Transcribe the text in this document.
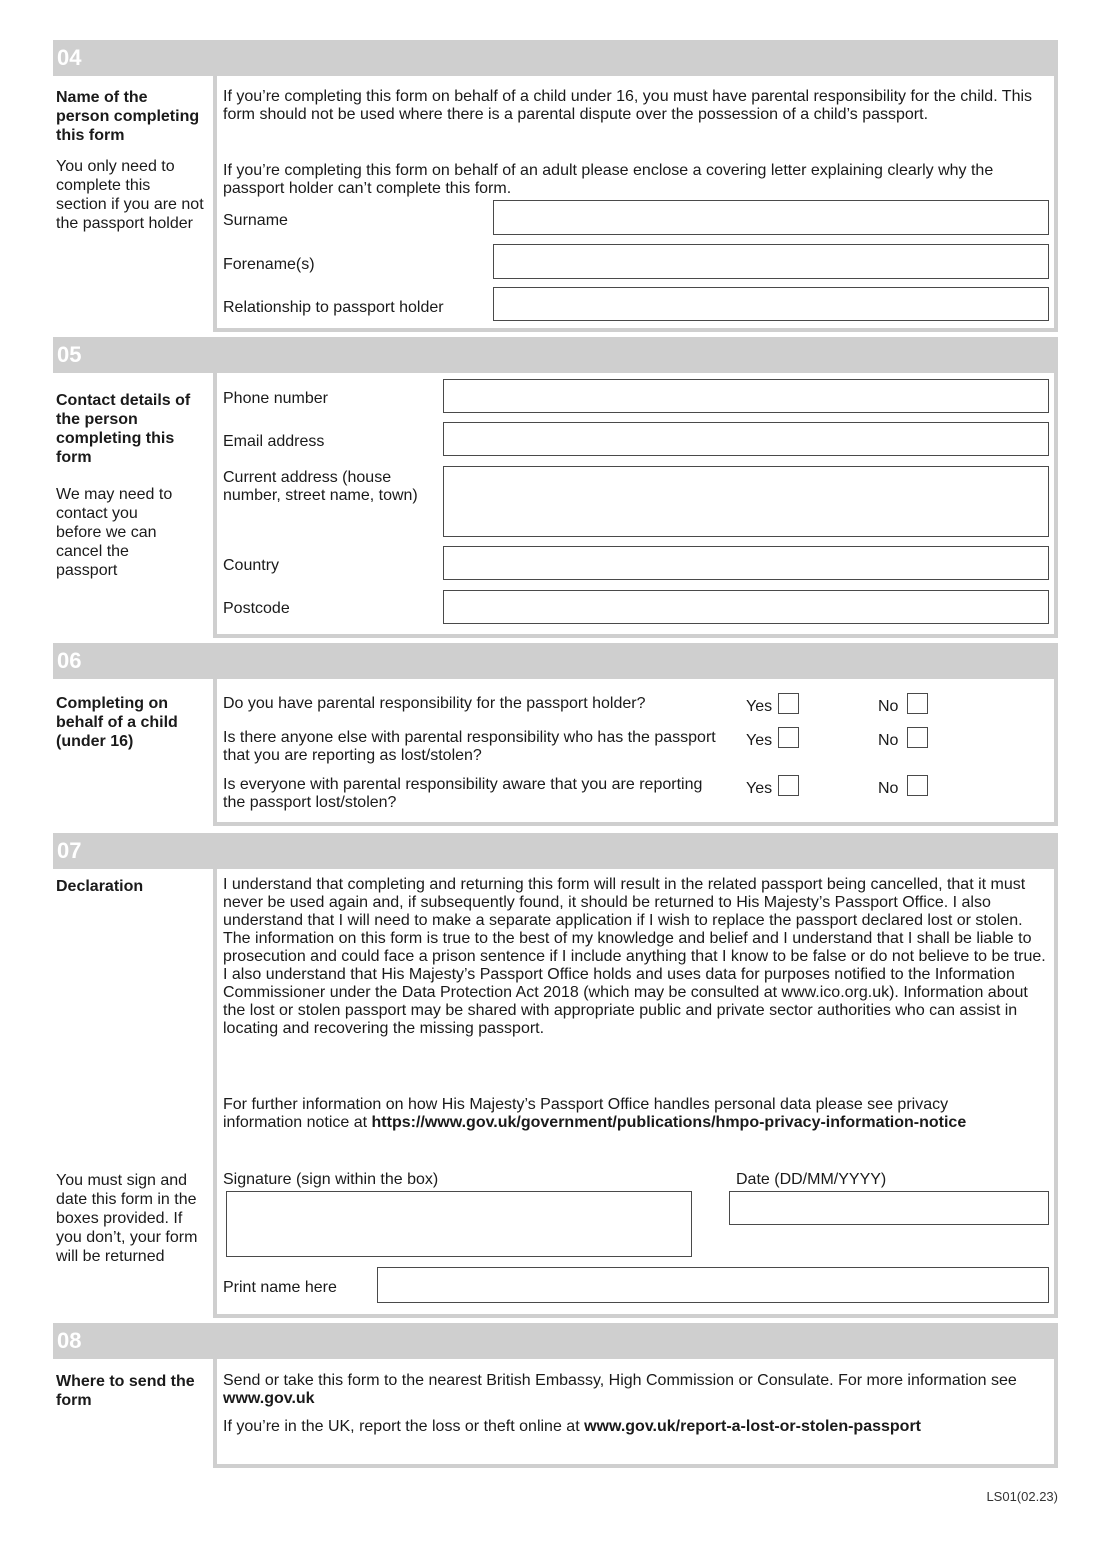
04
Name of the person completing this form
You only need to complete this section if you are not the passport holder
If you’re completing this form on behalf of a child under 16, you must have parental responsibility for the child. This form should not be used where there is a parental dispute over the possession of a child’s passport.
If you’re completing this form on behalf of an adult please enclose a covering letter explaining clearly why the passport holder can’t complete this form.
Surname
Forename(s)
Relationship to passport holder
05
Contact details of the person completing this form
We may need to contact you before we can cancel the passport
Phone number
Email address
Current address (house number, street name, town)
Country
Postcode
06
Completing on behalf of a child (under 16)
Do you have parental responsibility for the passport holder?	Yes	No
Is there anyone else with parental responsibility who has the passport that you are reporting as lost/stolen?
Yes	No
Is everyone with parental responsibility aware that you are reporting the passport lost/stolen?
Yes	No
07
Declaration
You must sign and date this form in the boxes provided. If you don’t, your form will be returned
I understand that completing and returning this form will result in the related passport being cancelled, that it must never be used again and, if subsequently found, it should be returned to His Majesty’s Passport Office. I also understand that I will need to make a separate application if I wish to replace the passport declared lost or stolen. The information on this form is true to the best of my knowledge and belief and I understand that I shall be liable to prosecution and could face a prison sentence if I include anything that I know to be false or do not believe to be true. I also understand that His Majesty’s Passport Office holds and uses data for purposes notified to the Information Commissioner under the Data Protection Act 2018 (which may be consulted at www.ico.org.uk). Information about the lost or stolen passport may be shared with appropriate public and private sector authorities who can assist in locating and recovering the missing passport.
For further information on how His Majesty’s Passport Office handles personal data please see privacy information notice at https://www.gov.uk/government/publications/hmpo-privacy-information-notice
Signature (sign within the box)	Date (DD/MM/YYYY)
Print name here
08
Where to send the form
Send or take this form to the nearest British Embassy, High Commission or Consulate. For more information see www.gov.uk
If you’re in the UK, report the loss or theft online at www.gov.uk/report-a-lost-or-stolen-passport
LS01(02.23)
